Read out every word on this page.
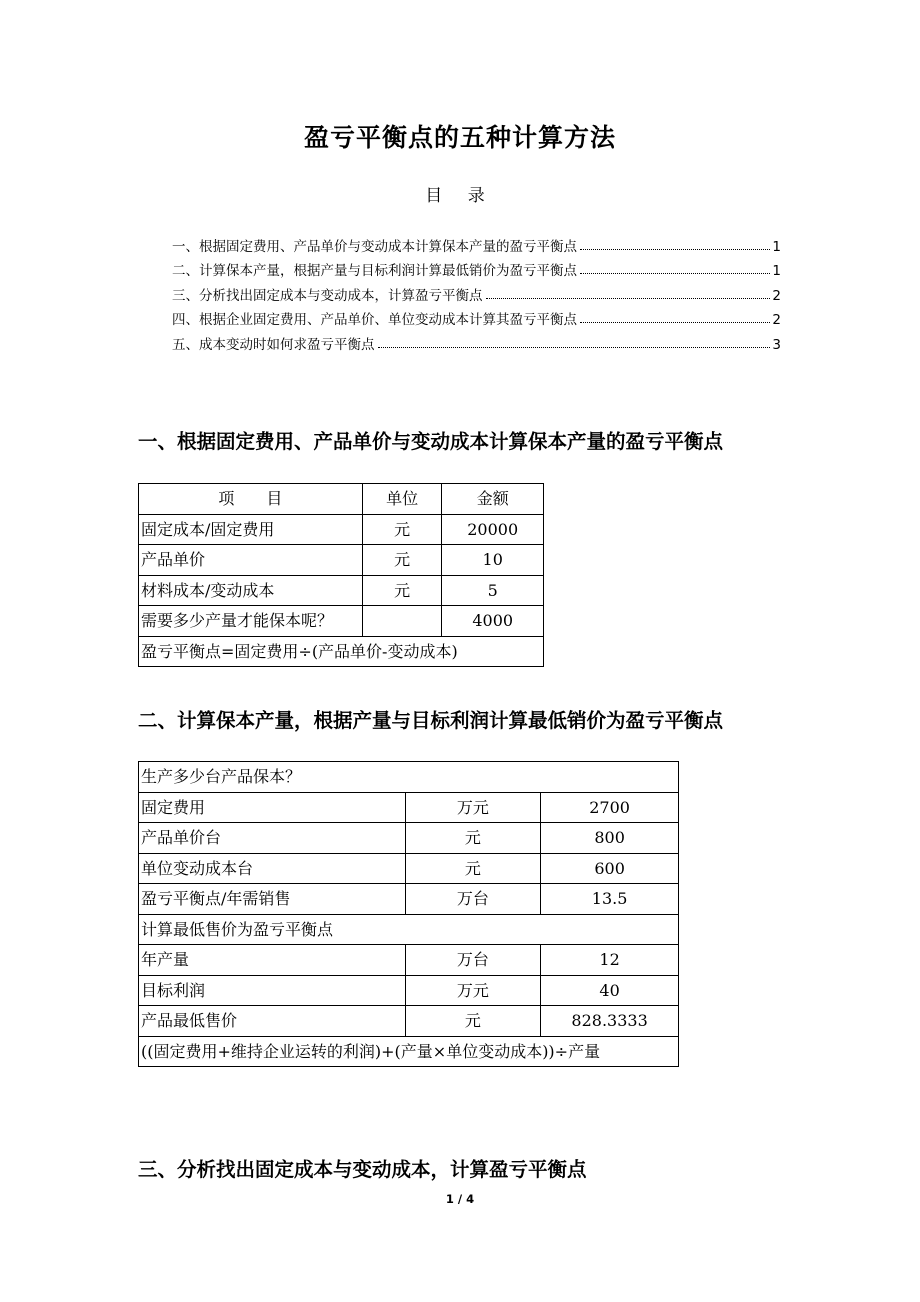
盈亏平衡点的五种计算方法
目 录
一、根据固定费用、产品单价与变动成本计算保本产量的盈亏平衡点	1
二、计算保本产量，根据产量与目标利润计算最低销价为盈亏平衡点	1
三、分析找出固定成本与变动成本，计算盈亏平衡点	2
四、根据企业固定费用、产品单价、单位变动成本计算其盈亏平衡点	2
五、成本变动时如何求盈亏平衡点	3
一、根据固定费用、产品单价与变动成本计算保本产量的盈亏平衡点
项　　目	单位	金额
固定成本/固定费用	元	20000
产品单价	元	10
材料成本/变动成本	元	5
需要多少产量才能保本呢？		4000
盈亏平衡点=固定费用÷(产品单价-变动成本)		
二、计算保本产量，根据产量与目标利润计算最低销价为盈亏平衡点
生产多少台产品保本？		
固定费用	万元	2700
产品单价台	元	800
单位变动成本台	元	600
盈亏平衡点/年需销售	万台	13.5
计算最低售价为盈亏平衡点		
年产量	万台	12
目标利润	万元	40
产品最低售价	元	828.3333
((固定费用+维持企业运转的利润)+(产量×单位变动成本))÷产量		
三、分析找出固定成本与变动成本，计算盈亏平衡点
1 / 4
